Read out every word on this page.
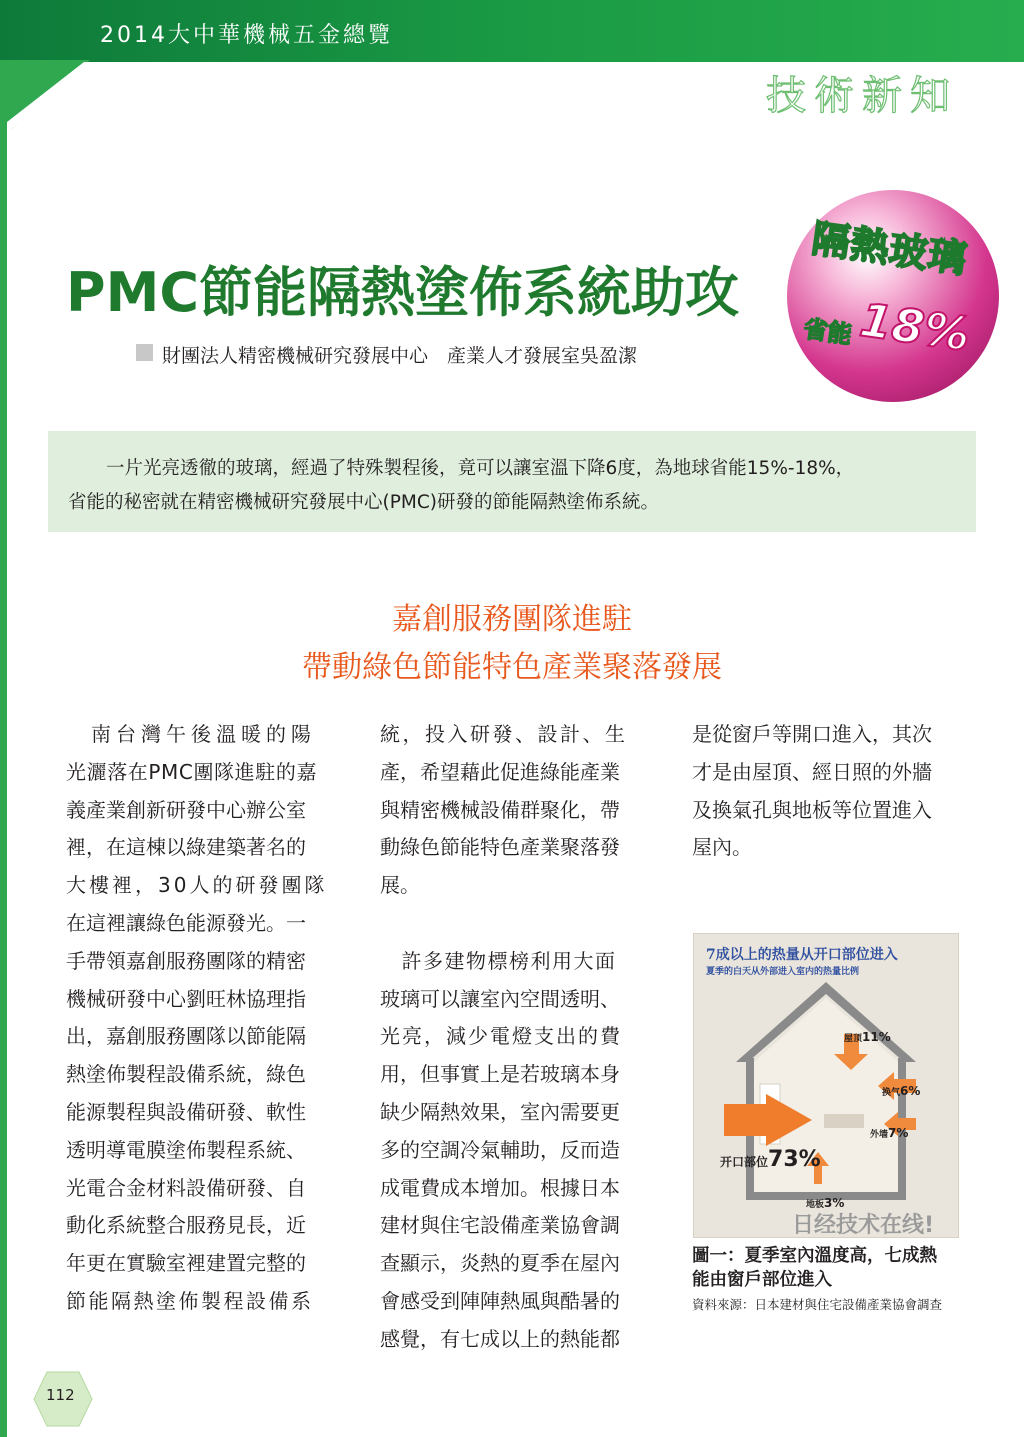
2014大中華機械五金總覽
技術新知
PMC節能隔熱塗佈系統助攻
財團法人精密機械研究發展中心　產業人才發展室吳盈潔
隔熱玻璃
省能 18%
一片光亮透徹的玻璃，經過了特殊製程後，竟可以讓室溫下降6度，為地球省能15%-18%，
省能的秘密就在精密機械研究發展中心(PMC)研發的節能隔熱塗佈系統。
嘉創服務團隊進駐
帶動綠色節能特色產業聚落發展
　南台灣午後溫暖的陽
光灑落在PMC團隊進駐的嘉
義產業創新研發中心辦公室
裡，在這棟以綠建築著名的
大樓裡，30人的研發團隊
在這裡讓綠色能源發光。一
手帶領嘉創服務團隊的精密
機械研發中心劉旺林協理指
出，嘉創服務團隊以節能隔
熱塗佈製程設備系統，綠色
能源製程與設備研發、軟性
透明導電膜塗佈製程系統、
光電合金材料設備研發、自
動化系統整合服務見長，近
年更在實驗室裡建置完整的
節能隔熱塗佈製程設備系
統，投入研發、設計、生
產，希望藉此促進綠能產業
與精密機械設備群聚化，帶
動綠色節能特色產業聚落發
展。

　許多建物標榜利用大面
玻璃可以讓室內空間透明、
光亮，減少電燈支出的費
用，但事實上是若玻璃本身
缺少隔熱效果，室內需要更
多的空調冷氣輔助，反而造
成電費成本增加。根據日本
建材與住宅設備產業協會調
查顯示，炎熱的夏季在屋內
會感受到陣陣熱風與酷暑的
感覺，有七成以上的熱能都
是從窗戶等開口進入，其次
才是由屋頂、經日照的外牆
及換氣孔與地板等位置進入
屋內。
7成以上的热量从开口部位进入
夏季的白天从外部进入室内的热量比例
屋顶11%
换气6%
外墙7%
开口部位73%
地板3%
日经技术在线!
圖一：夏季室內溫度高，七成熱
能由窗戶部位進入
資料來源：日本建材與住宅設備產業協會調查
112
